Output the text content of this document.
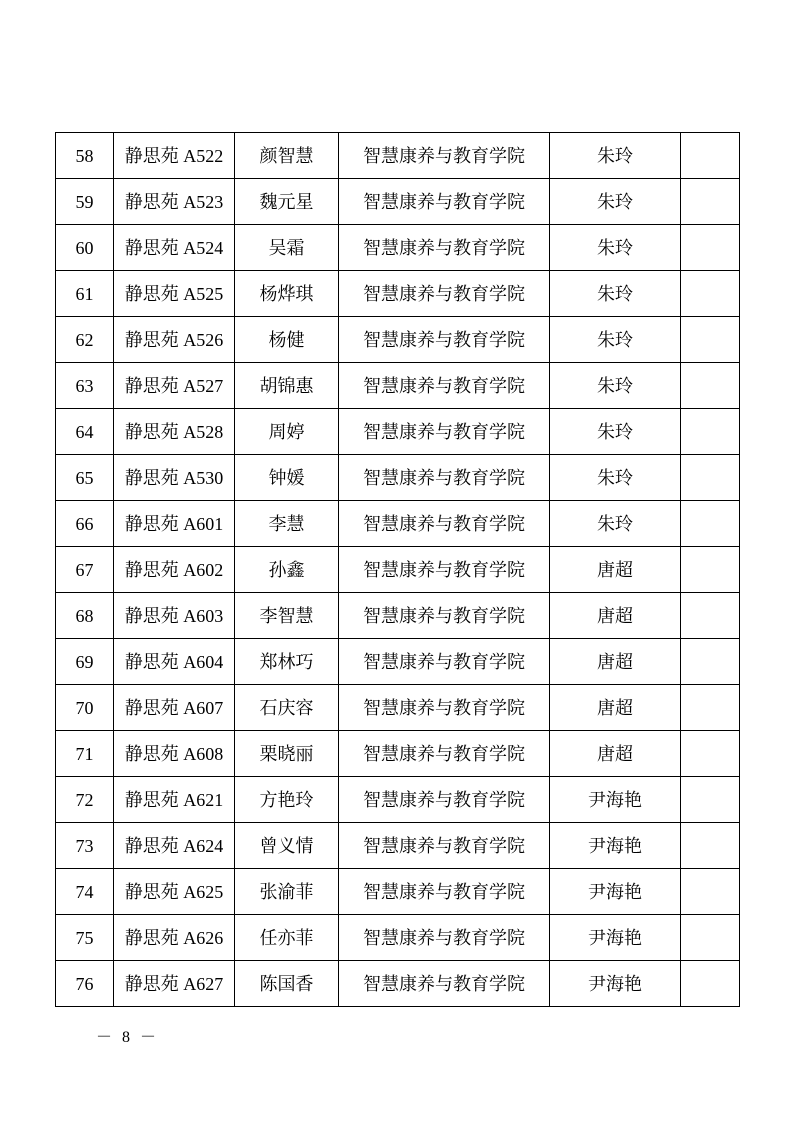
58	静思苑 A522	颜智慧	智慧康养与教育学院	朱玲	
59	静思苑 A523	魏元星	智慧康养与教育学院	朱玲	
60	静思苑 A524	吴霜	智慧康养与教育学院	朱玲	
61	静思苑 A525	杨烨琪	智慧康养与教育学院	朱玲	
62	静思苑 A526	杨健	智慧康养与教育学院	朱玲	
63	静思苑 A527	胡锦惠	智慧康养与教育学院	朱玲	
64	静思苑 A528	周婷	智慧康养与教育学院	朱玲	
65	静思苑 A530	钟媛	智慧康养与教育学院	朱玲	
66	静思苑 A601	李慧	智慧康养与教育学院	朱玲	
67	静思苑 A602	孙鑫	智慧康养与教育学院	唐超	
68	静思苑 A603	李智慧	智慧康养与教育学院	唐超	
69	静思苑 A604	郑林巧	智慧康养与教育学院	唐超	
70	静思苑 A607	石庆容	智慧康养与教育学院	唐超	
71	静思苑 A608	栗晓丽	智慧康养与教育学院	唐超	
72	静思苑 A621	方艳玲	智慧康养与教育学院	尹海艳	
73	静思苑 A624	曾义情	智慧康养与教育学院	尹海艳	
74	静思苑 A625	张渝菲	智慧康养与教育学院	尹海艳	
75	静思苑 A626	任亦菲	智慧康养与教育学院	尹海艳	
76	静思苑 A627	陈国香	智慧康养与教育学院	尹海艳	
－ 8 －
